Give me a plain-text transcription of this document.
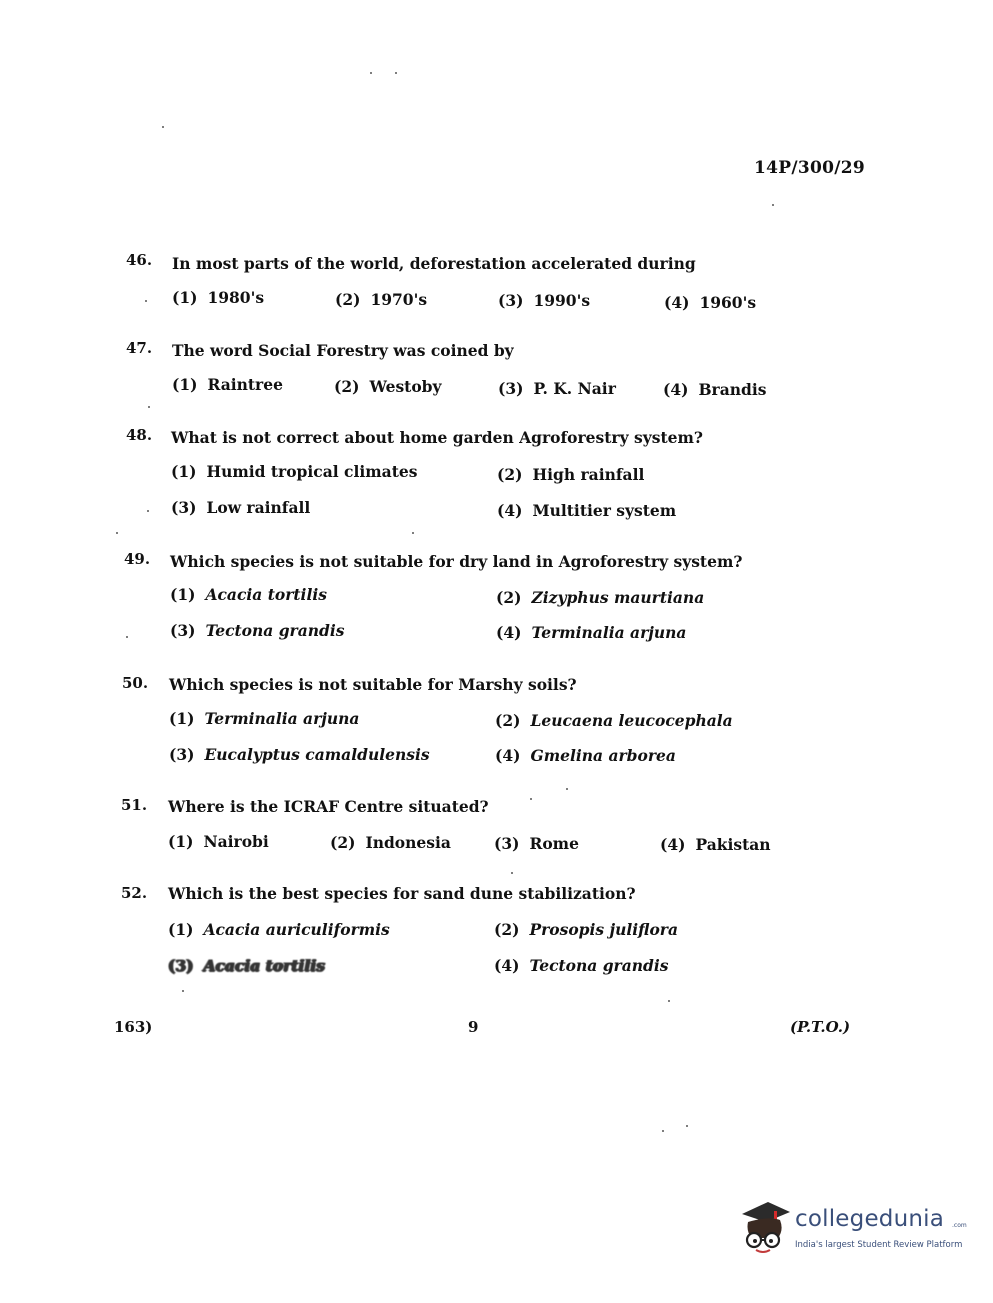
14P/300/29
46. In most parts of the world, deforestation accelerated during
(1) 1980's	(2) 1970's	(3) 1990's	(4) 1960's
47. The word Social Forestry was coined by
(1) Raintree	(2) Westoby	(3) P. K. Nair	(4) Brandis
48. What is not correct about home garden Agroforestry system?
(1) Humid tropical climates	(2) High rainfall
(3) Low rainfall	(4) Multitier system
49. Which species is not suitable for dry land in Agroforestry system?
(1) Acacia tortilis	(2) Zizyphus maurtiana
(3) Tectona grandis	(4) Terminalia arjuna
50. Which species is not suitable for Marshy soils?
(1) Terminalia arjuna	(2) Leucaena leucocephala
(3) Eucalyptus camaldulensis	(4) Gmelina arborea
51. Where is the ICRAF Centre situated?
(1) Nairobi	(2) Indonesia	(3) Rome	(4) Pakistan
52. Which is the best species for sand dune stabilization?
(1) Acacia auriculiformis	(2) Prosopis juliflora
(3) Acacia tortilis	(4) Tectona grandis
163)	9	(P.T.O.)
collegedunia .com
India's largest Student Review Platform
